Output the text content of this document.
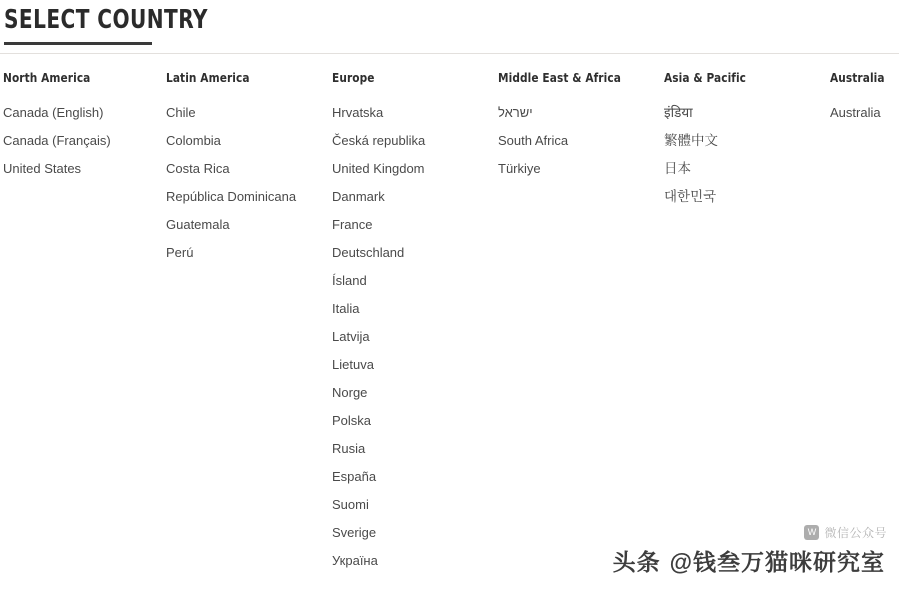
SELECT COUNTRY
North America
Canada (English)
Canada (Français)
United States
Latin America
Chile
Colombia
Costa Rica
República Dominicana
Guatemala
Perú
Europe
Hrvatska
Česká republika
United Kingdom
Danmark
France
Deutschland
Ísland
Italia
Latvija
Lietuva
Norge
Polska
Rusia
España
Suomi
Sverige
Україна
Middle East & Africa
ישראל
South Africa
Türkiye
Asia & Pacific
इंडिया
繁體中文
日本
대한민국
Australia
Australia
W 微信公众号
头条 @钱叁万猫咪研究室
